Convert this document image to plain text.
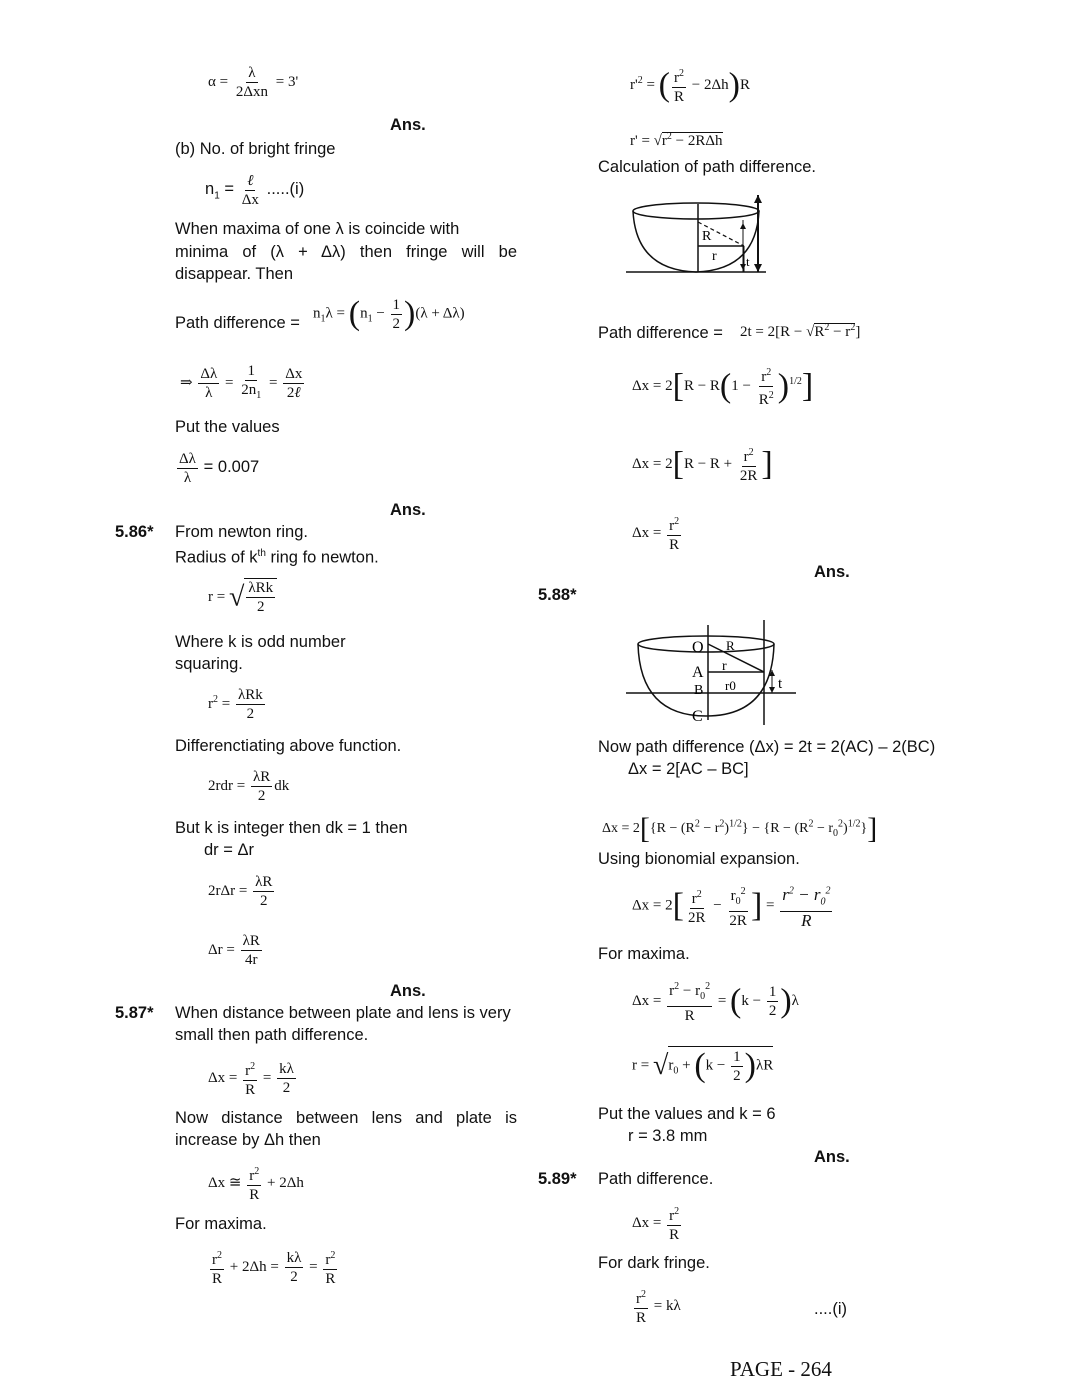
$\alpha = \frac{\lambda}{\text{2Δxn}} = 3'$
Ans.
(b) No. of bright fringe
$n_1 = \frac{\text{ℓ}}{\Delta x} .....(i)$
When maxima of one λ is coincide with
minima of (λ + Δλ) then fringe will be
disappear. Then
Path difference =
$n_1\lambda = (n_1 - \frac{1}{2} )(\lambda + \Delta\lambda)$
⇒ $\frac{\Delta\lambda}{\lambda} = \frac{1}{2n_1} = \frac{\Delta x}{\text{2ℓ}}$
Put the values
$\frac{\Delta\lambda}{\lambda} = 0.007$
Ans.
5.86* From newton ring.
Radius of $k^{th}$ ring fo newton.
r = √ $\frac{\text{λRk}}{2}$
Where k is odd number
squaring.
$r^2 = \frac{\text{λRk}}{2}$
Differenctiating above function.
$2rdr = \frac{\lambda R}{2}$ dk
But k is integer then dk = 1 then
dr = Δr
$2r\Delta r = \frac{\lambda R}{2}$
$\Delta r = \frac{\lambda R}{4r}$
Ans.
5.87* When distance between plate and lens is very
small then path difference.
$\Delta x = \frac{r^2}{R} = \frac{k\lambda}{2}$
Now distance between lens and plate is
increase by Δh then
Δx ≅ $\frac{r^2}{R} + 2\Delta h$
For maxima.
$\frac{r^2}{R} + 2\Delta h = \frac{k\lambda}{2} = \frac{r^2}{R}$
$r'^2$ = ( $\frac{r^2}{R} - 2\Delta h)R$
$r' = √r^2 - 2R\Delta h$
Calculation of path difference.
R
r t
Path difference = $2t = 2[R - √R^2 - r^2]$
$\Delta x = 2[R - R(1 - \frac{r^2}{R^2} )^{1/2}]$
$\Delta x = 2[R - R + \frac{r^2}{2R}$ ]
$\Delta x = \frac{r^2}{R}$
Ans.
5.88*
O R
A r
B r0	t
C
Now path difference (Δx) = 2t = 2(AC) – 2(BC)
Δx = 2[AC – BC]
$\Delta x = 2[\{R - (R^2 - r^2)^{1/2}\} - \{R - (R^2 - r_0^2)^{1/2}\}]$
Using bionomial expansion.
$\Delta x = 2[ \frac{r^2}{2R} - \frac{r_0^2}{2R}$ ] = $\frac{r^2 - r_0^2}{R}$
For maxima.
$\Delta x = \frac{r^2 - r_0^2}{R} = (k - \frac{1}{2} )\lambda$
$r = √r_0 + (k - \frac{1}{2} )\lambda R$
Put the values and k = 6
r = 3.8 mm
Ans.
5.89* Path difference.
$\Delta x = \frac{r^2}{R}$
For dark fringe.
$\frac{r^2}{R} = k\lambda$	....(i)
PAGE - 264
